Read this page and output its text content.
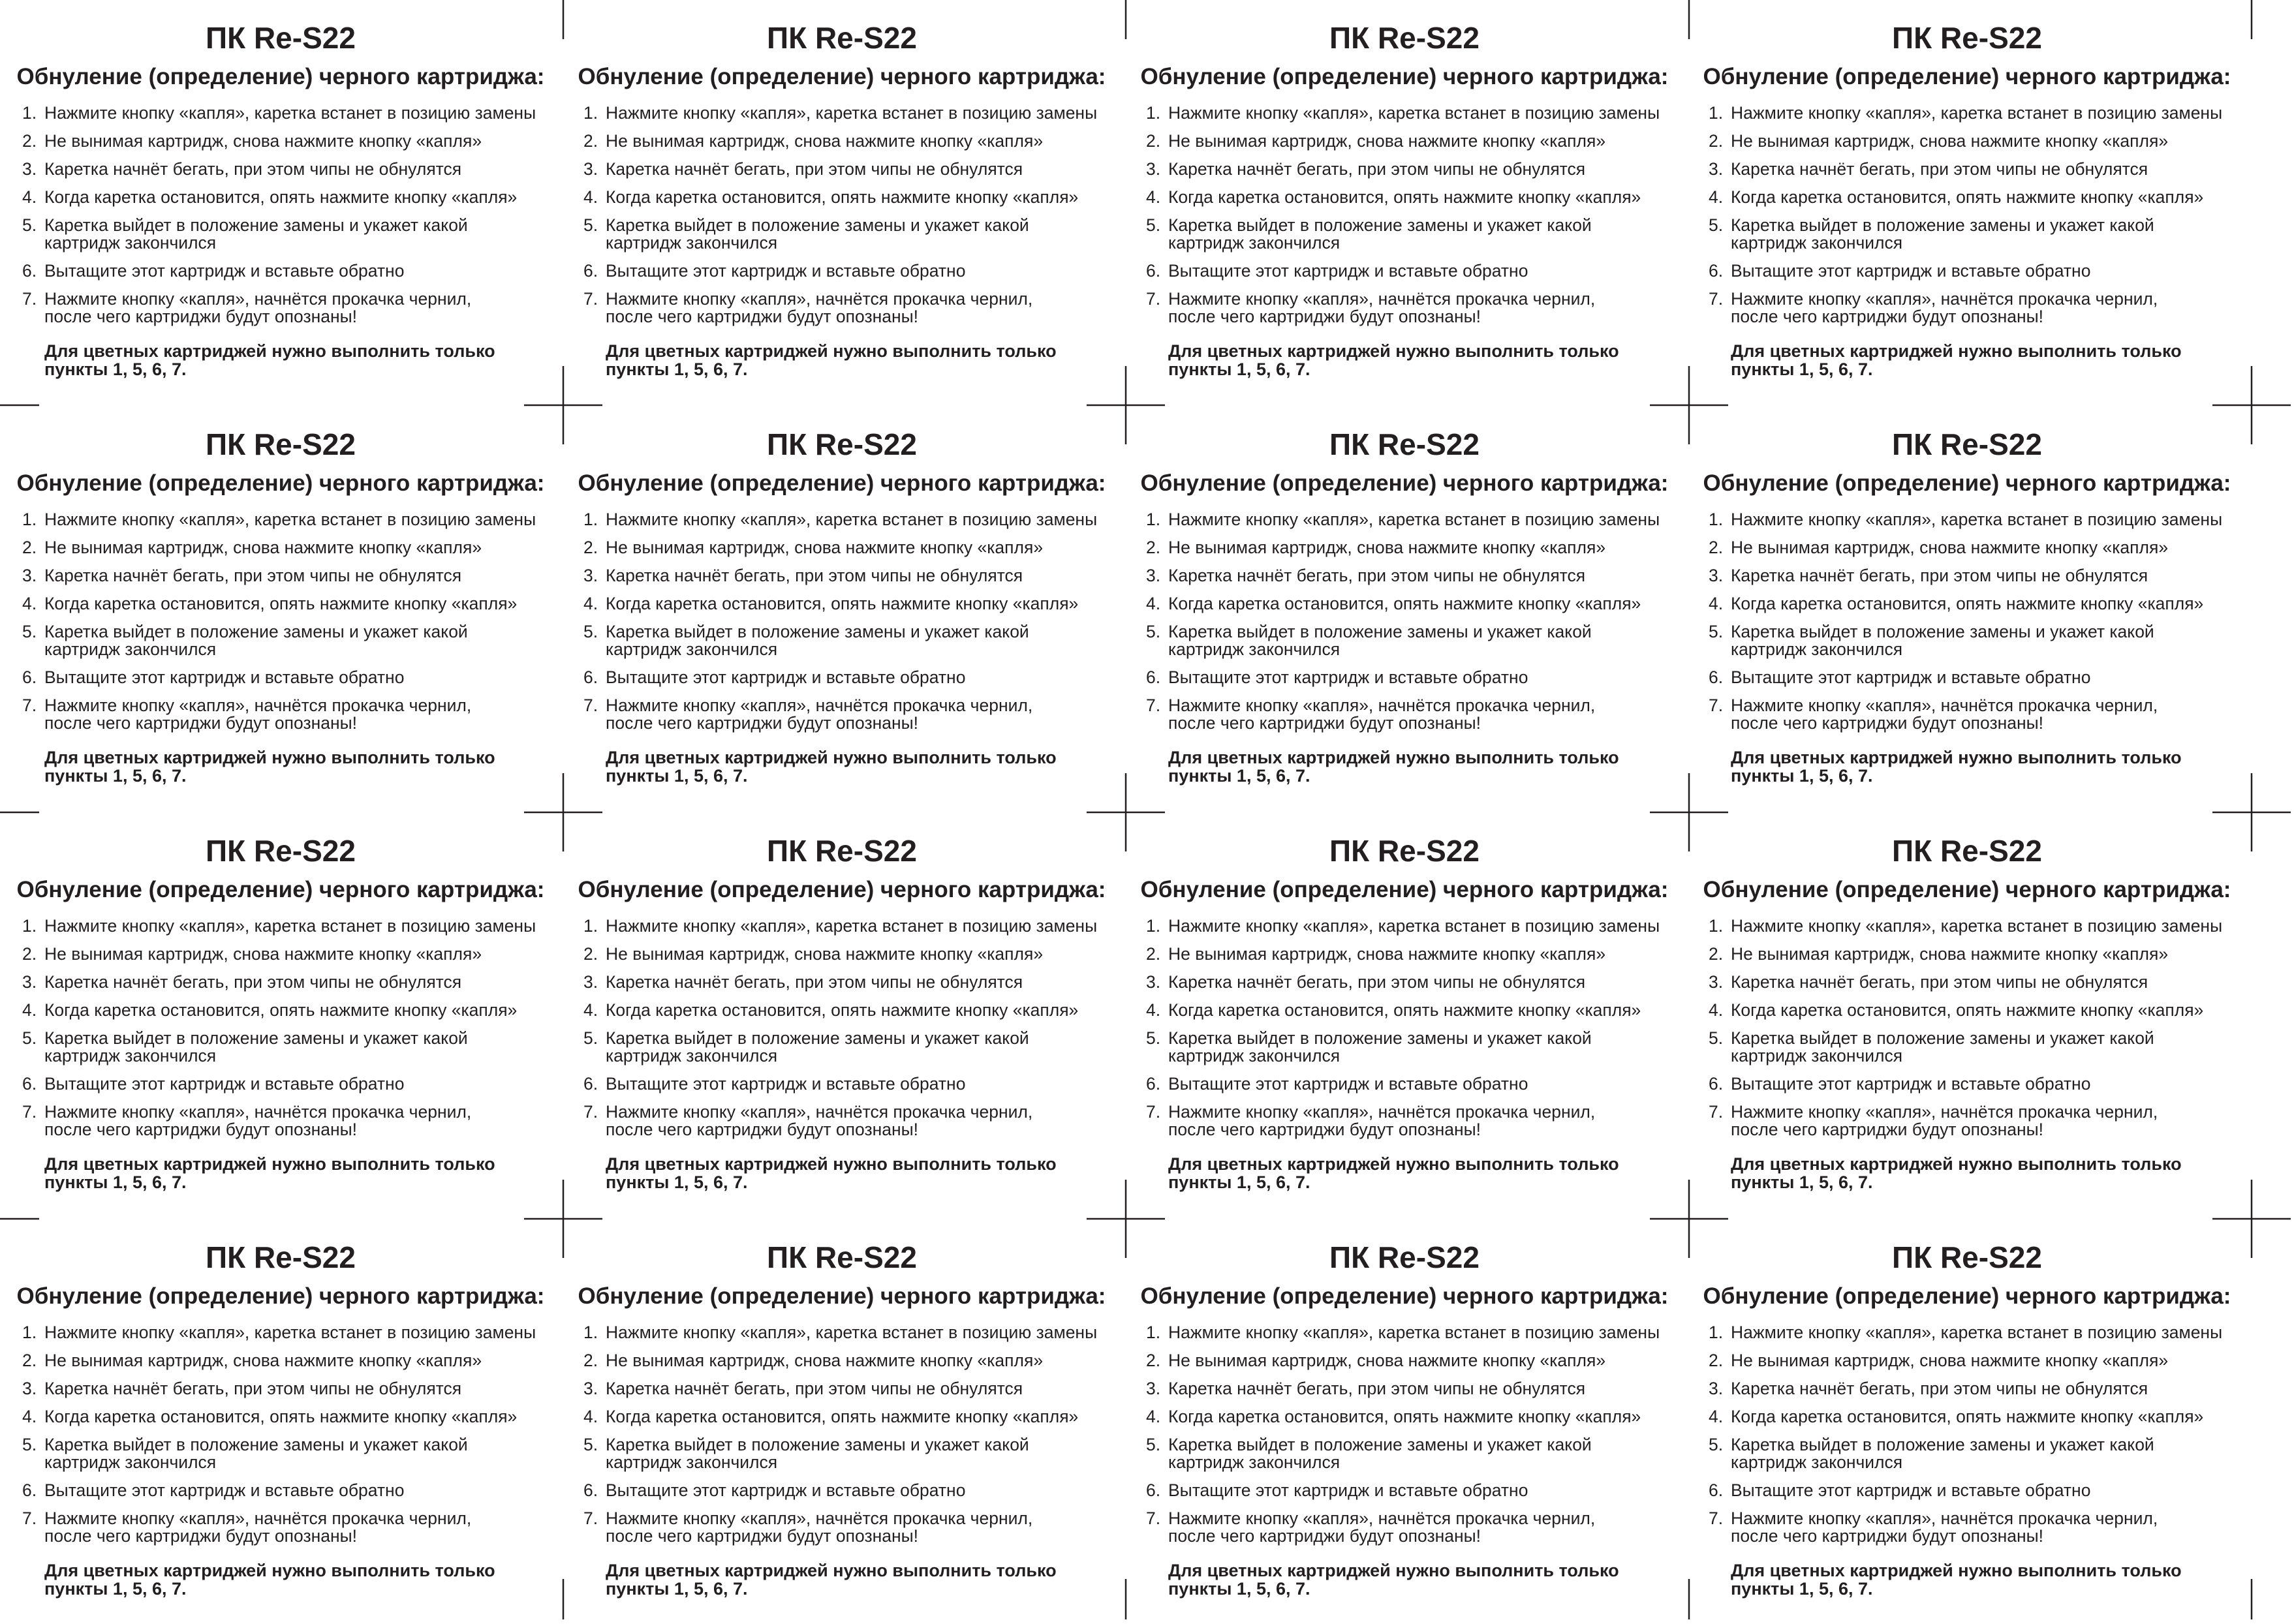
ПК Re-S22
Обнуление (определение) черного картриджа:
1. Нажмите кнопку «капля», каретка встанет в позицию замены
2. Не вынимая картридж, снова нажмите кнопку «капля»
3. Каретка начнёт бегать, при этом чипы не обнулятся
4. Когда каретка остановится, опять нажмите кнопку «капля»
5. Каретка выйдет в положение замены и укажет какой
картридж закончился
6. Вытащите этот картридж и вставьте обратно
7. Нажмите кнопку «капля», начнётся прокачка чернил,
после чего картриджи будут опознаны!
Для цветных картриджей нужно выполнить только
пункты 1, 5, 6, 7.
ПК Re-S22
Обнуление (определение) черного картриджа:
1. Нажмите кнопку «капля», каретка встанет в позицию замены
2. Не вынимая картридж, снова нажмите кнопку «капля»
3. Каретка начнёт бегать, при этом чипы не обнулятся
4. Когда каретка остановится, опять нажмите кнопку «капля»
5. Каретка выйдет в положение замены и укажет какой
картридж закончился
6. Вытащите этот картридж и вставьте обратно
7. Нажмите кнопку «капля», начнётся прокачка чернил,
после чего картриджи будут опознаны!
Для цветных картриджей нужно выполнить только
пункты 1, 5, 6, 7.
ПК Re-S22
Обнуление (определение) черного картриджа:
1. Нажмите кнопку «капля», каретка встанет в позицию замены
2. Не вынимая картридж, снова нажмите кнопку «капля»
3. Каретка начнёт бегать, при этом чипы не обнулятся
4. Когда каретка остановится, опять нажмите кнопку «капля»
5. Каретка выйдет в положение замены и укажет какой
картридж закончился
6. Вытащите этот картридж и вставьте обратно
7. Нажмите кнопку «капля», начнётся прокачка чернил,
после чего картриджи будут опознаны!
Для цветных картриджей нужно выполнить только
пункты 1, 5, 6, 7.
ПК Re-S22
Обнуление (определение) черного картриджа:
1. Нажмите кнопку «капля», каретка встанет в позицию замены
2. Не вынимая картридж, снова нажмите кнопку «капля»
3. Каретка начнёт бегать, при этом чипы не обнулятся
4. Когда каретка остановится, опять нажмите кнопку «капля»
5. Каретка выйдет в положение замены и укажет какой
картридж закончился
6. Вытащите этот картридж и вставьте обратно
7. Нажмите кнопку «капля», начнётся прокачка чернил,
после чего картриджи будут опознаны!
Для цветных картриджей нужно выполнить только
пункты 1, 5, 6, 7.
ПК Re-S22
Обнуление (определение) черного картриджа:
1. Нажмите кнопку «капля», каретка встанет в позицию замены
2. Не вынимая картридж, снова нажмите кнопку «капля»
3. Каретка начнёт бегать, при этом чипы не обнулятся
4. Когда каретка остановится, опять нажмите кнопку «капля»
5. Каретка выйдет в положение замены и укажет какой
картридж закончился
6. Вытащите этот картридж и вставьте обратно
7. Нажмите кнопку «капля», начнётся прокачка чернил,
после чего картриджи будут опознаны!
Для цветных картриджей нужно выполнить только
пункты 1, 5, 6, 7.
ПК Re-S22
Обнуление (определение) черного картриджа:
1. Нажмите кнопку «капля», каретка встанет в позицию замены
2. Не вынимая картридж, снова нажмите кнопку «капля»
3. Каретка начнёт бегать, при этом чипы не обнулятся
4. Когда каретка остановится, опять нажмите кнопку «капля»
5. Каретка выйдет в положение замены и укажет какой
картридж закончился
6. Вытащите этот картридж и вставьте обратно
7. Нажмите кнопку «капля», начнётся прокачка чернил,
после чего картриджи будут опознаны!
Для цветных картриджей нужно выполнить только
пункты 1, 5, 6, 7.
ПК Re-S22
Обнуление (определение) черного картриджа:
1. Нажмите кнопку «капля», каретка встанет в позицию замены
2. Не вынимая картридж, снова нажмите кнопку «капля»
3. Каретка начнёт бегать, при этом чипы не обнулятся
4. Когда каретка остановится, опять нажмите кнопку «капля»
5. Каретка выйдет в положение замены и укажет какой
картридж закончился
6. Вытащите этот картридж и вставьте обратно
7. Нажмите кнопку «капля», начнётся прокачка чернил,
после чего картриджи будут опознаны!
Для цветных картриджей нужно выполнить только
пункты 1, 5, 6, 7.
ПК Re-S22
Обнуление (определение) черного картриджа:
1. Нажмите кнопку «капля», каретка встанет в позицию замены
2. Не вынимая картридж, снова нажмите кнопку «капля»
3. Каретка начнёт бегать, при этом чипы не обнулятся
4. Когда каретка остановится, опять нажмите кнопку «капля»
5. Каретка выйдет в положение замены и укажет какой
картридж закончился
6. Вытащите этот картридж и вставьте обратно
7. Нажмите кнопку «капля», начнётся прокачка чернил,
после чего картриджи будут опознаны!
Для цветных картриджей нужно выполнить только
пункты 1, 5, 6, 7.
ПК Re-S22
Обнуление (определение) черного картриджа:
1. Нажмите кнопку «капля», каретка встанет в позицию замены
2. Не вынимая картридж, снова нажмите кнопку «капля»
3. Каретка начнёт бегать, при этом чипы не обнулятся
4. Когда каретка остановится, опять нажмите кнопку «капля»
5. Каретка выйдет в положение замены и укажет какой
картридж закончился
6. Вытащите этот картридж и вставьте обратно
7. Нажмите кнопку «капля», начнётся прокачка чернил,
после чего картриджи будут опознаны!
Для цветных картриджей нужно выполнить только
пункты 1, 5, 6, 7.
ПК Re-S22
Обнуление (определение) черного картриджа:
1. Нажмите кнопку «капля», каретка встанет в позицию замены
2. Не вынимая картридж, снова нажмите кнопку «капля»
3. Каретка начнёт бегать, при этом чипы не обнулятся
4. Когда каретка остановится, опять нажмите кнопку «капля»
5. Каретка выйдет в положение замены и укажет какой
картридж закончился
6. Вытащите этот картридж и вставьте обратно
7. Нажмите кнопку «капля», начнётся прокачка чернил,
после чего картриджи будут опознаны!
Для цветных картриджей нужно выполнить только
пункты 1, 5, 6, 7.
ПК Re-S22
Обнуление (определение) черного картриджа:
1. Нажмите кнопку «капля», каретка встанет в позицию замены
2. Не вынимая картридж, снова нажмите кнопку «капля»
3. Каретка начнёт бегать, при этом чипы не обнулятся
4. Когда каретка остановится, опять нажмите кнопку «капля»
5. Каретка выйдет в положение замены и укажет какой
картридж закончился
6. Вытащите этот картридж и вставьте обратно
7. Нажмите кнопку «капля», начнётся прокачка чернил,
после чего картриджи будут опознаны!
Для цветных картриджей нужно выполнить только
пункты 1, 5, 6, 7.
ПК Re-S22
Обнуление (определение) черного картриджа:
1. Нажмите кнопку «капля», каретка встанет в позицию замены
2. Не вынимая картридж, снова нажмите кнопку «капля»
3. Каретка начнёт бегать, при этом чипы не обнулятся
4. Когда каретка остановится, опять нажмите кнопку «капля»
5. Каретка выйдет в положение замены и укажет какой
картридж закончился
6. Вытащите этот картридж и вставьте обратно
7. Нажмите кнопку «капля», начнётся прокачка чернил,
после чего картриджи будут опознаны!
Для цветных картриджей нужно выполнить только
пункты 1, 5, 6, 7.
ПК Re-S22
Обнуление (определение) черного картриджа:
1. Нажмите кнопку «капля», каретка встанет в позицию замены
2. Не вынимая картридж, снова нажмите кнопку «капля»
3. Каретка начнёт бегать, при этом чипы не обнулятся
4. Когда каретка остановится, опять нажмите кнопку «капля»
5. Каретка выйдет в положение замены и укажет какой
картридж закончился
6. Вытащите этот картридж и вставьте обратно
7. Нажмите кнопку «капля», начнётся прокачка чернил,
после чего картриджи будут опознаны!
Для цветных картриджей нужно выполнить только
пункты 1, 5, 6, 7.
ПК Re-S22
Обнуление (определение) черного картриджа:
1. Нажмите кнопку «капля», каретка встанет в позицию замены
2. Не вынимая картридж, снова нажмите кнопку «капля»
3. Каретка начнёт бегать, при этом чипы не обнулятся
4. Когда каретка остановится, опять нажмите кнопку «капля»
5. Каретка выйдет в положение замены и укажет какой
картридж закончился
6. Вытащите этот картридж и вставьте обратно
7. Нажмите кнопку «капля», начнётся прокачка чернил,
после чего картриджи будут опознаны!
Для цветных картриджей нужно выполнить только
пункты 1, 5, 6, 7.
ПК Re-S22
Обнуление (определение) черного картриджа:
1. Нажмите кнопку «капля», каретка встанет в позицию замены
2. Не вынимая картридж, снова нажмите кнопку «капля»
3. Каретка начнёт бегать, при этом чипы не обнулятся
4. Когда каретка остановится, опять нажмите кнопку «капля»
5. Каретка выйдет в положение замены и укажет какой
картридж закончился
6. Вытащите этот картридж и вставьте обратно
7. Нажмите кнопку «капля», начнётся прокачка чернил,
после чего картриджи будут опознаны!
Для цветных картриджей нужно выполнить только
пункты 1, 5, 6, 7.
ПК Re-S22
Обнуление (определение) черного картриджа:
1. Нажмите кнопку «капля», каретка встанет в позицию замены
2. Не вынимая картридж, снова нажмите кнопку «капля»
3. Каретка начнёт бегать, при этом чипы не обнулятся
4. Когда каретка остановится, опять нажмите кнопку «капля»
5. Каретка выйдет в положение замены и укажет какой
картридж закончился
6. Вытащите этот картридж и вставьте обратно
7. Нажмите кнопку «капля», начнётся прокачка чернил,
после чего картриджи будут опознаны!
Для цветных картриджей нужно выполнить только
пункты 1, 5, 6, 7.
